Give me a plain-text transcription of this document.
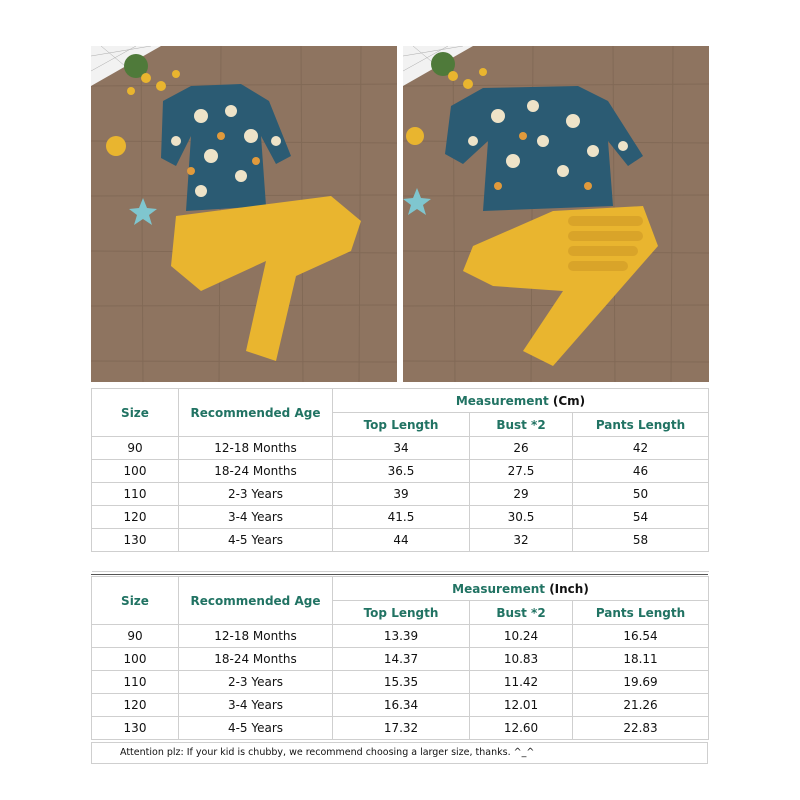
Size	Recommended Age	Measurement (Cm)		
		Top Length	Bust *2	Pants Length
90	12-18 Months	34	26	42
100	18-24 Months	36.5	27.5	46
110	2-3 Years	39	29	50
120	3-4 Years	41.5	30.5	54
130	4-5 Years	44	32	58

Size	Recommended Age	Measurement (Inch)		
		Top Length	Bust *2	Pants Length
90	12-18 Months	13.39	10.24	16.54
100	18-24 Months	14.37	10.83	18.11
110	2-3 Years	15.35	11.42	19.69
120	3-4 Years	16.34	12.01	21.26
130	4-5 Years	17.32	12.60	22.83
Attention plz: If your kid is chubby, we recommend choosing a larger size, thanks. ^_^
